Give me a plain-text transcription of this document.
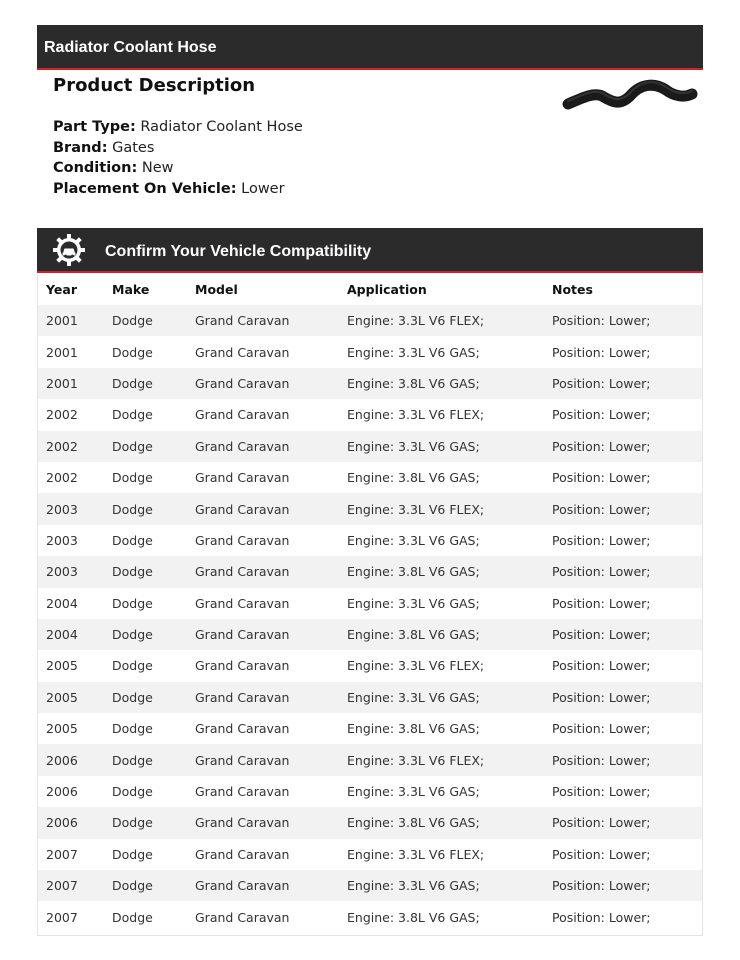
Radiator Coolant Hose
Product Description
Part Type: Radiator Coolant Hose
Brand: Gates
Condition: New
Placement On Vehicle: Lower
Confirm Your Vehicle Compatibility
Year	Make	Model	Application	Notes
2001	Dodge	Grand Caravan	Engine: 3.3L V6 FLEX;	Position: Lower;
2001	Dodge	Grand Caravan	Engine: 3.3L V6 GAS;	Position: Lower;
2001	Dodge	Grand Caravan	Engine: 3.8L V6 GAS;	Position: Lower;
2002	Dodge	Grand Caravan	Engine: 3.3L V6 FLEX;	Position: Lower;
2002	Dodge	Grand Caravan	Engine: 3.3L V6 GAS;	Position: Lower;
2002	Dodge	Grand Caravan	Engine: 3.8L V6 GAS;	Position: Lower;
2003	Dodge	Grand Caravan	Engine: 3.3L V6 FLEX;	Position: Lower;
2003	Dodge	Grand Caravan	Engine: 3.3L V6 GAS;	Position: Lower;
2003	Dodge	Grand Caravan	Engine: 3.8L V6 GAS;	Position: Lower;
2004	Dodge	Grand Caravan	Engine: 3.3L V6 GAS;	Position: Lower;
2004	Dodge	Grand Caravan	Engine: 3.8L V6 GAS;	Position: Lower;
2005	Dodge	Grand Caravan	Engine: 3.3L V6 FLEX;	Position: Lower;
2005	Dodge	Grand Caravan	Engine: 3.3L V6 GAS;	Position: Lower;
2005	Dodge	Grand Caravan	Engine: 3.8L V6 GAS;	Position: Lower;
2006	Dodge	Grand Caravan	Engine: 3.3L V6 FLEX;	Position: Lower;
2006	Dodge	Grand Caravan	Engine: 3.3L V6 GAS;	Position: Lower;
2006	Dodge	Grand Caravan	Engine: 3.8L V6 GAS;	Position: Lower;
2007	Dodge	Grand Caravan	Engine: 3.3L V6 FLEX;	Position: Lower;
2007	Dodge	Grand Caravan	Engine: 3.3L V6 GAS;	Position: Lower;
2007	Dodge	Grand Caravan	Engine: 3.8L V6 GAS;	Position: Lower;
